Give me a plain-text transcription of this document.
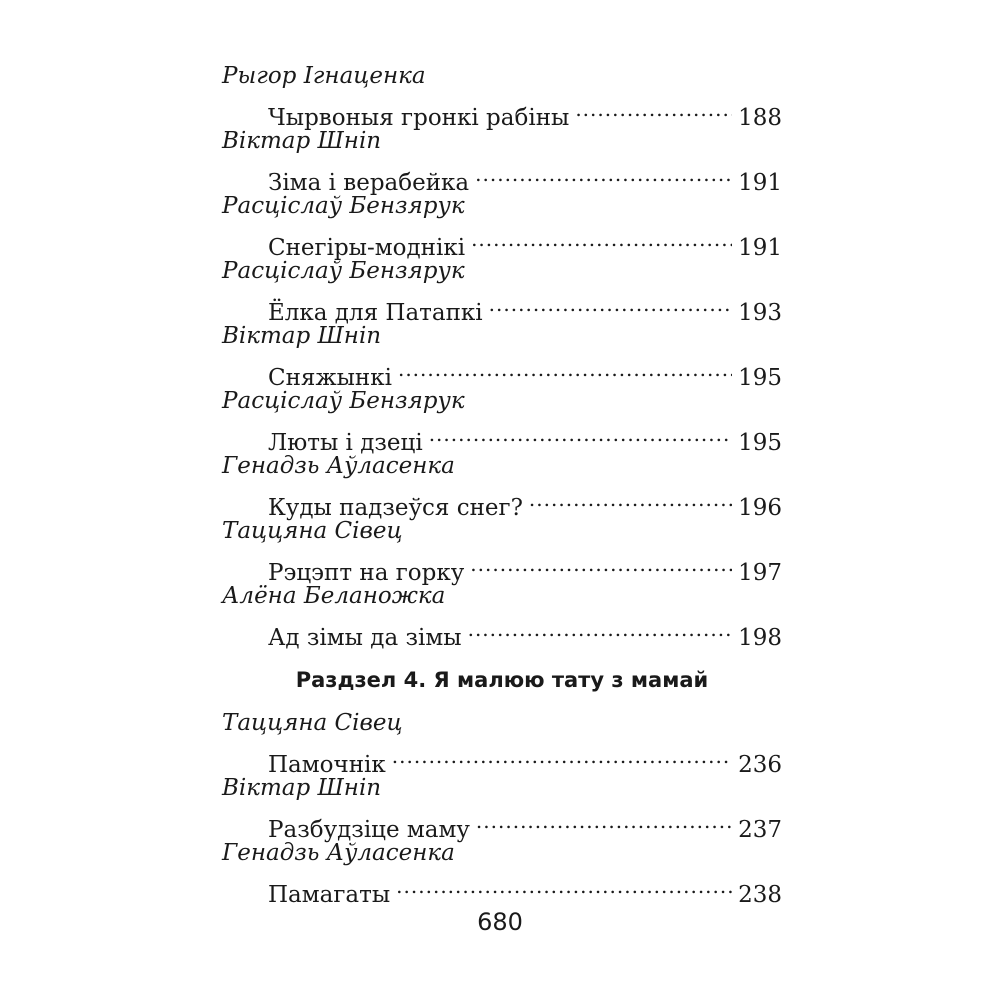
Рыгор Ігнаценка
Чырвоныя гронкі рабіны .....	188
Віктар Шніп
Зіма і верабейка .....	191
Расціслаў Бензярук
Снегіры-моднікі .....	191
Расціслаў Бензярук
Ёлка для Патапкі .....	193
Віктар Шніп
Сняжынкі .....	195
Расціслаў Бензярук
Люты і дзеці .....	195
Генадзь Аўласенка
Куды падзеўся снег? .....	196
Таццяна Сівец
Рэцэпт на горку .....	197
Алёна Беланожка
Ад зімы да зімы .....	198
Раздзел 4. Я малюю тату з мамай
Таццяна Сівец
Памочнік .....	236
Віктар Шніп
Разбудзіце маму .....	237
Генадзь Аўласенка
Памагаты .....	238
680
